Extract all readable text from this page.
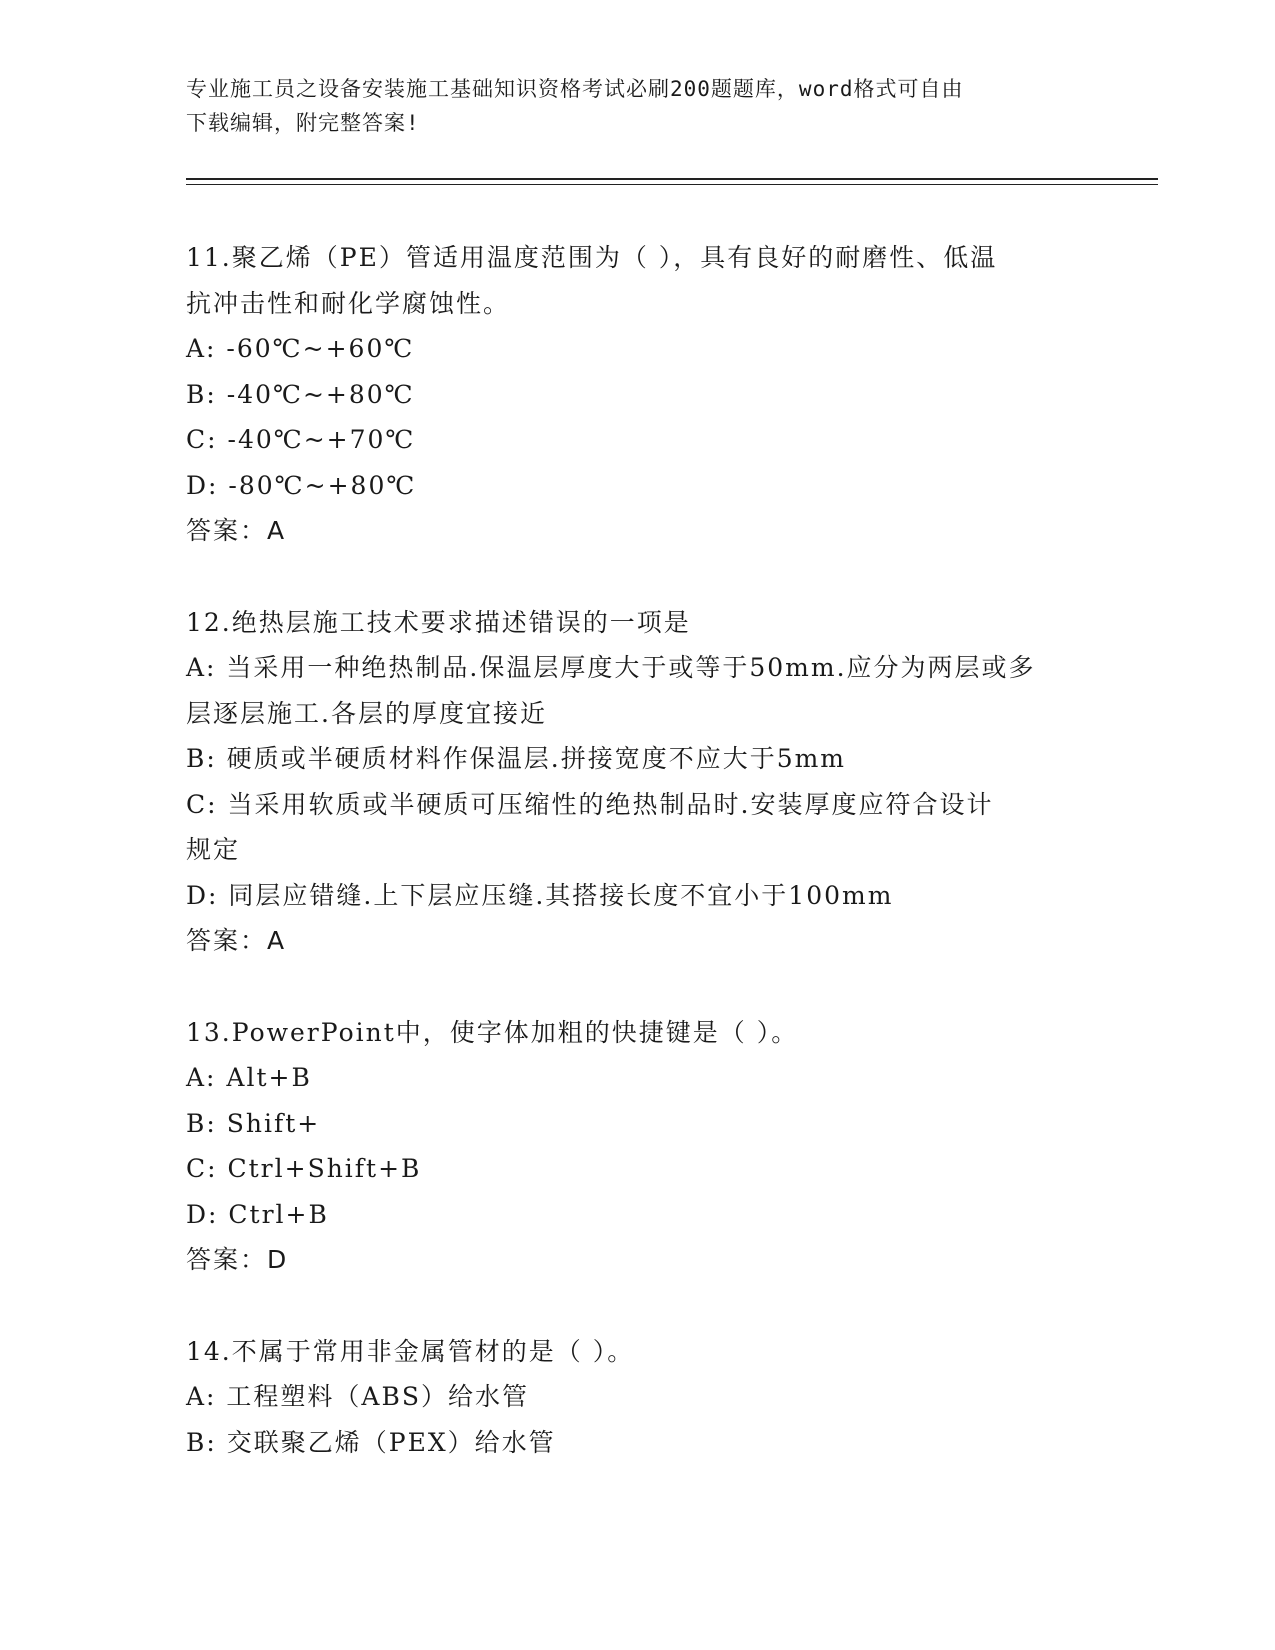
专业施工员之设备安装施工基础知识资格考试必刷200题题库，word格式可自由
下载编辑，附完整答案!
11.聚乙烯（PE）管适用温度范围为（ ），具有良好的耐磨性、低温
抗冲击性和耐化学腐蚀性。
A: -60℃~+60℃
B: -40℃~+80℃
C: -40℃~+70℃
D: -80℃~+80℃
答案：A
12.绝热层施工技术要求描述错误的一项是
A: 当采用一种绝热制品.保温层厚度大于或等于50mm.应分为两层或多
层逐层施工.各层的厚度宜接近
B: 硬质或半硬质材料作保温层.拼接宽度不应大于5mm
C: 当采用软质或半硬质可压缩性的绝热制品时.安装厚度应符合设计
规定
D: 同层应错缝.上下层应压缝.其搭接长度不宜小于100mm
答案：A
13.PowerPoint中，使字体加粗的快捷键是（ ）。
A: Alt+B
B: Shift+
C: Ctrl+Shift+B
D: Ctrl+B
答案：D
14.不属于常用非金属管材的是（ ）。
A: 工程塑料（ABS）给水管
B: 交联聚乙烯（PEX）给水管
